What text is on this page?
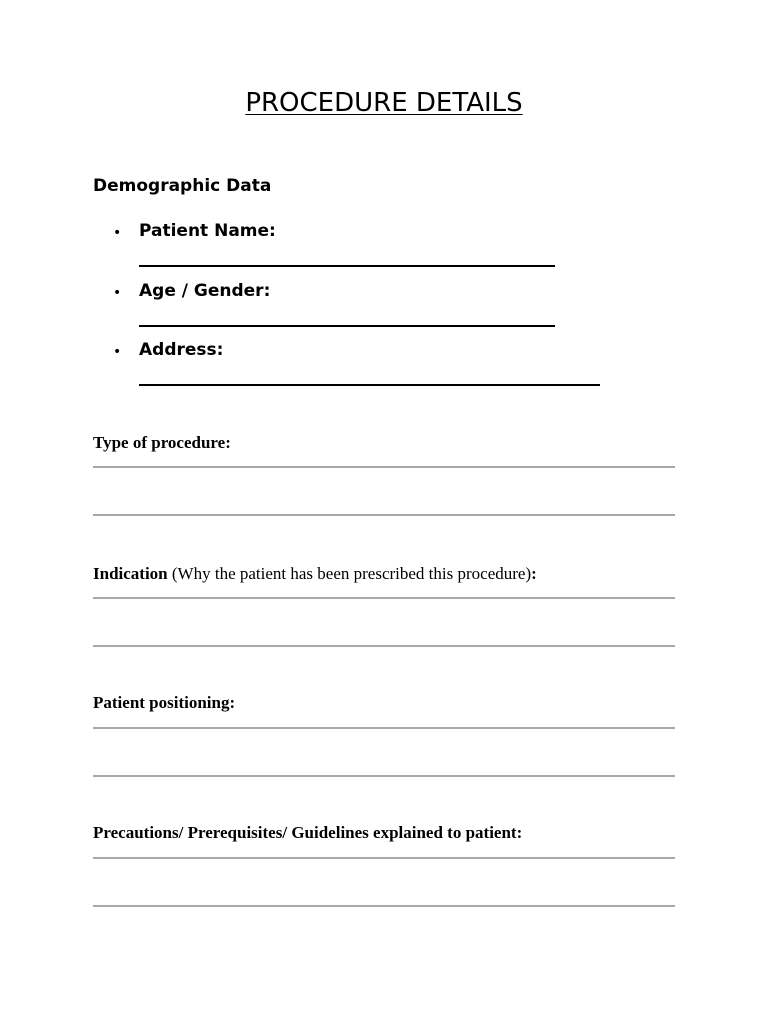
PROCEDURE DETAILS
Demographic Data
• Patient Name:
• Age / Gender:
• Address:
Type of procedure:
Indication (Why the patient has been prescribed this procedure):
Patient positioning:
Precautions/ Prerequisites/ Guidelines explained to patient:
